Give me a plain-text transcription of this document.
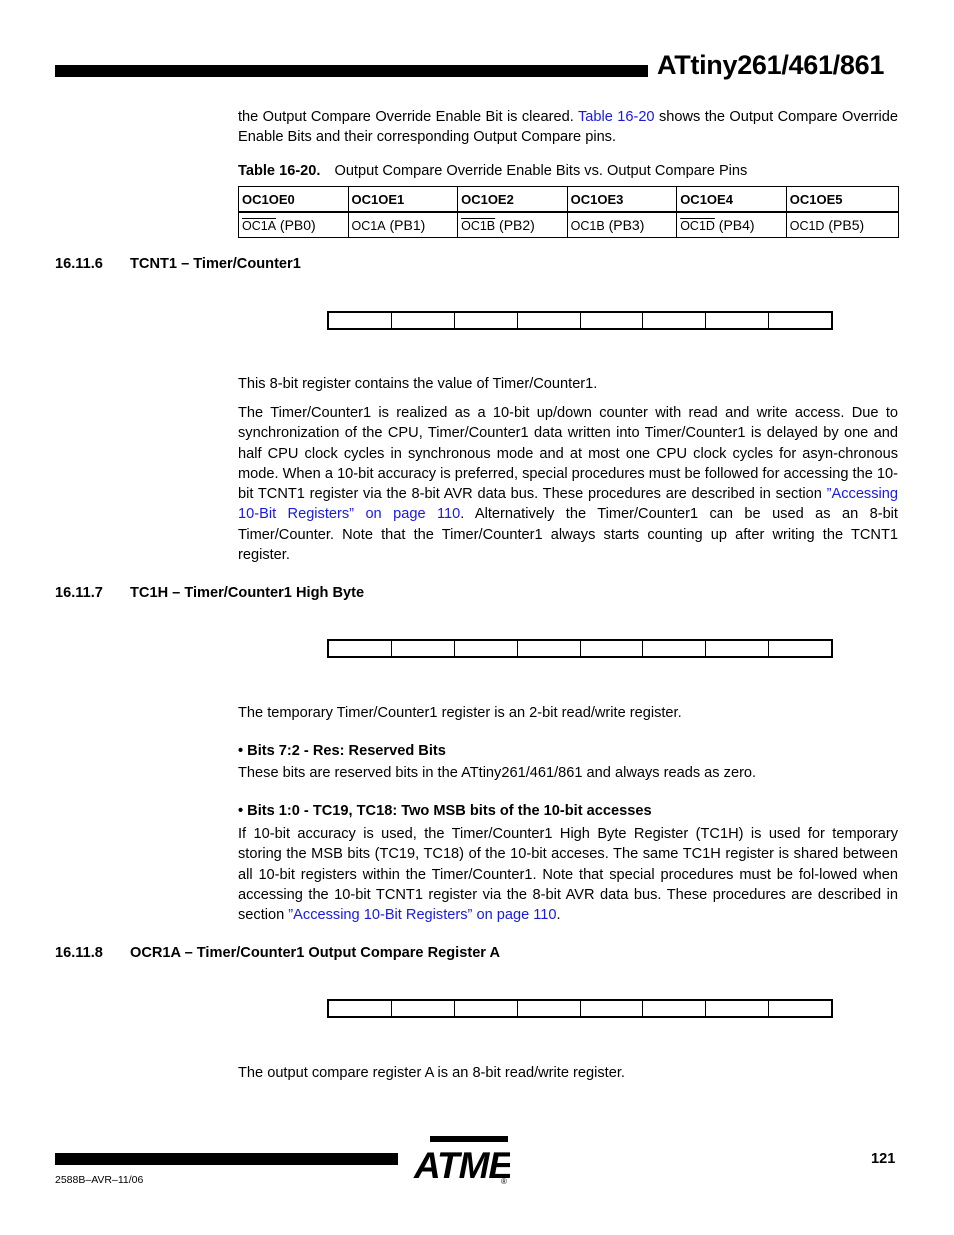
ATtiny261/461/861

the Output Compare Override Enable Bit is cleared. Table 16-20 shows the Output Compare Override Enable Bits and their corresponding Output Compare pins.

Table 16-20. Output Compare Override Enable Bits vs. Output Compare Pins
OC1OE0	OC1OE1	OC1OE2	OC1OE3	OC1OE4	OC1OE5
OC1A (PB0)	OC1A (PB1)	OC1B (PB2)	OC1B (PB3)	OC1D (PB4)	OC1D (PB5)
16.11.6 TCNT1 – Timer/Counter1

This 8-bit register contains the value of Timer/Counter1.

The Timer/Counter1 is realized as a 10-bit up/down counter with read and write access. Due to synchronization of the CPU, Timer/Counter1 data written into Timer/Counter1 is delayed by one and half CPU clock cycles in synchronous mode and at most one CPU clock cycles for asyn-chronous mode. When a 10-bit accuracy is preferred, special procedures must be followed for accessing the 10-bit TCNT1 register via the 8-bit AVR data bus. These procedures are described in section ”Accessing 10-Bit Registers” on page 110. Alternatively the Timer/Counter1 can be used as an 8-bit Timer/Counter. Note that the Timer/Counter1 always starts counting up after writing the TCNT1 register.

16.11.7 TC1H – Timer/Counter1 High Byte

The temporary Timer/Counter1 register is an 2-bit read/write register.

• Bits 7:2 - Res: Reserved Bits

These bits are reserved bits in the ATtiny261/461/861 and always reads as zero.

• Bits 1:0 - TC19, TC18: Two MSB bits of the 10-bit accesses

If 10-bit accuracy is used, the Timer/Counter1 High Byte Register (TC1H) is used for temporary storing the MSB bits (TC19, TC18) of the 10-bit acceses. The same TC1H register is shared between all 10-bit registers within the Timer/Counter1. Note that special procedures must be fol-lowed when accessing the 10-bit TCNT1 register via the 8-bit AVR data bus. These procedures are described in section ”Accessing 10-Bit Registers” on page 110.

16.11.8 OCR1A – Timer/Counter1 Output Compare Register A

The output compare register A is an 8-bit read/write register.

ATME
®
121
2588B–AVR–11/06
